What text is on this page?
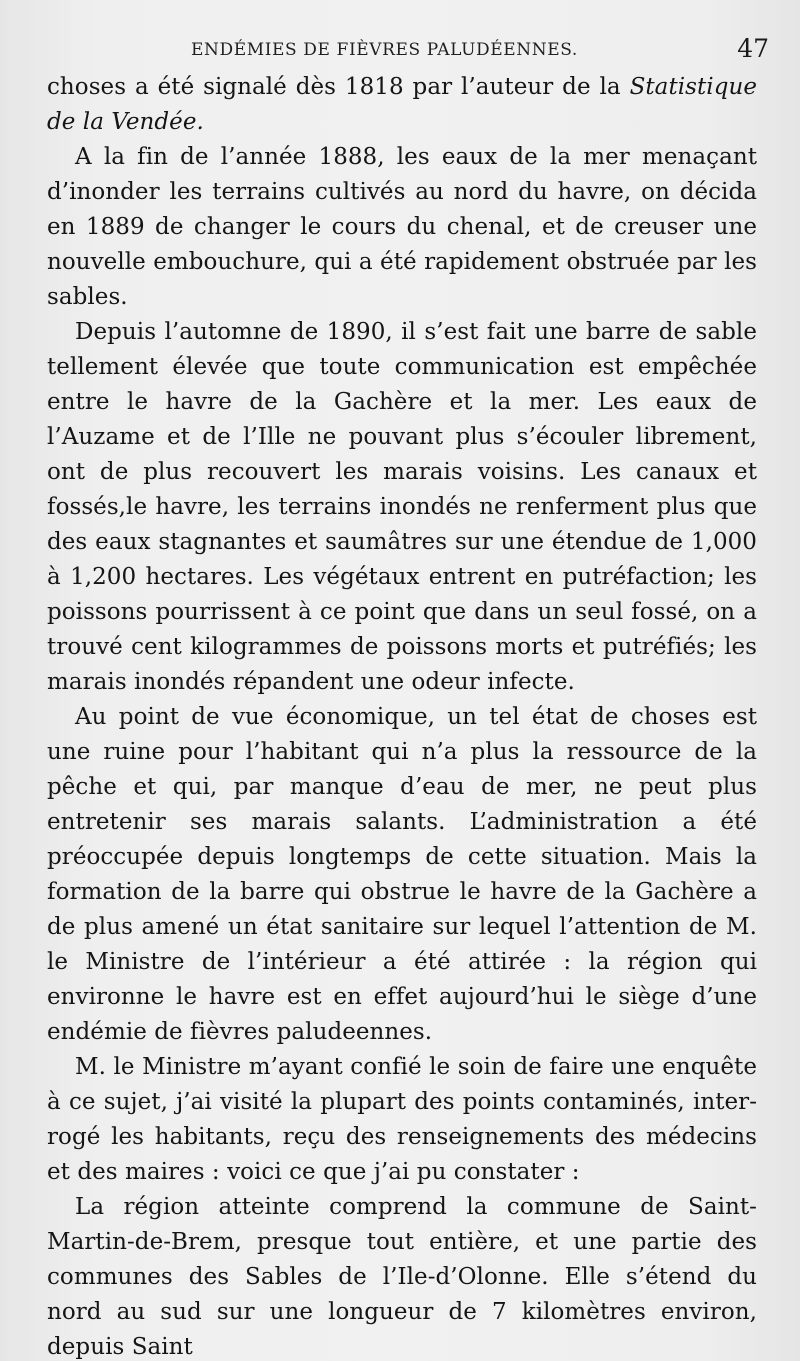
ENDÉMIES DE FIÈVRES PALUDÉENNES.	47

choses a été signalé dès 1818 par l’auteur de la Statistique de la Vendée.

A la fin de l’année 1888, les eaux de la mer menaçant d’inonder les terrains cultivés au nord du havre, on décida en 1889 de changer le cours du chenal, et de creuser une nouvelle embouchure, qui a été rapidement obstruée par les sables.

Depuis l’automne de 1890, il s’est fait une barre de sable tellement élevée que toute communication est empêchée entre le havre de la Gachère et la mer. Les eaux de l’Auzame et de l’Ille ne pouvant plus s’écouler librement, ont de plus recouvert les marais voisins. Les canaux et fossés,le havre, les terrains inondés ne renferment plus que des eaux stagnantes et saumâtres sur une étendue de 1,000 à 1,200 hectares. Les végétaux entrent en putréfaction; les poissons pourrissent à ce point que dans un seul fossé, on a trouvé cent kilogrammes de poissons morts et putréfiés; les marais inondés répandent une odeur infecte.

Au point de vue économique, un tel état de choses est une ruine pour l’habitant qui n’a plus la ressource de la pêche et qui, par manque d’eau de mer, ne peut plus entretenir ses marais salants. L’administration a été préoccupée depuis longtemps de cette situation. Mais la formation de la barre qui obstrue le havre de la Gachère a de plus amené un état sanitaire sur lequel l’attention de M. le Ministre de l’intérieur a été attirée : la région qui environne le havre est en effet aujourd’hui le siège d’une endémie de fièvres paludeennes.

M. le Ministre m’ayant confié le soin de faire une enquête à ce sujet, j’ai visité la plupart des points contaminés, interrogé les habitants, reçu des renseignements des médecins et des maires : voici ce que j’ai pu constater :

La région atteinte comprend la commune de Saint-Martin-de-Brem, presque tout entière, et une partie des communes des Sables de l’Ile-d’Olonne. Elle s’étend du nord au sud sur une longueur de 7 kilomètres environ, depuis Saint
